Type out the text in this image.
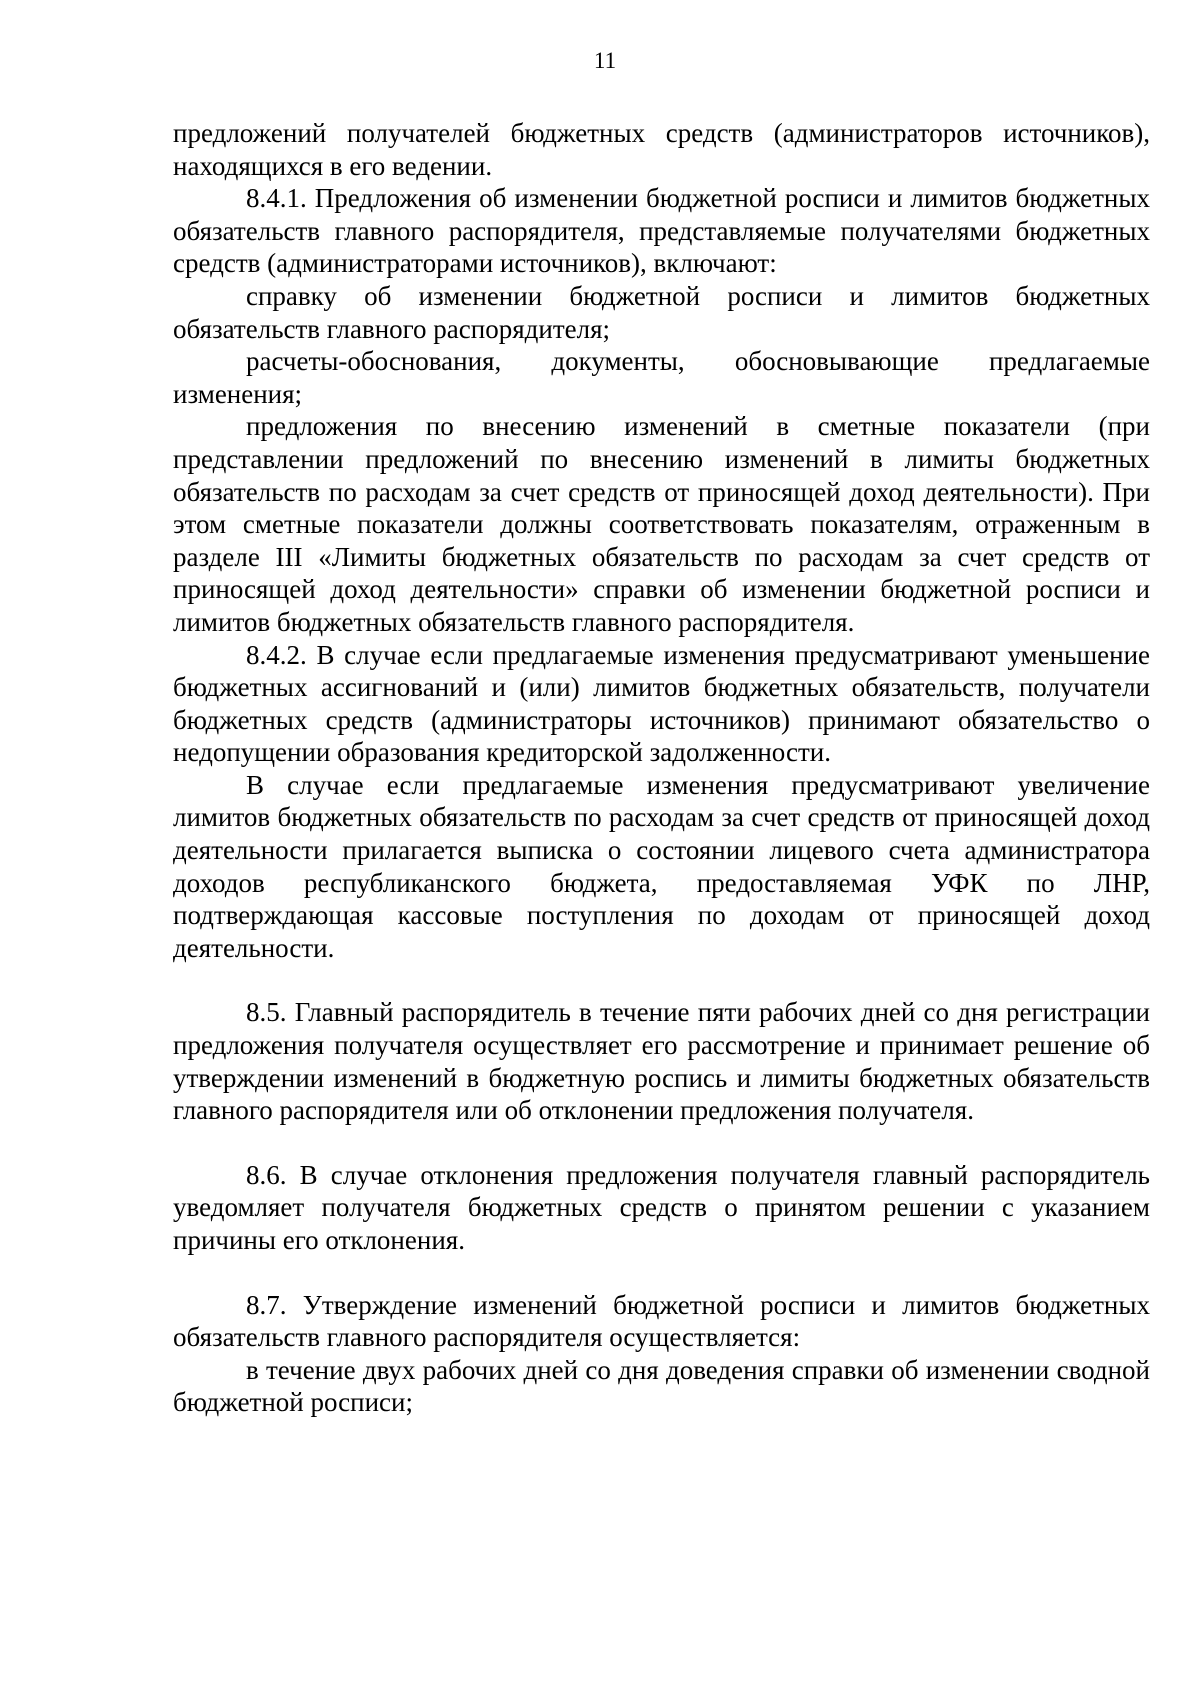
11

предложений получателей бюджетных средств (администраторов источников), находящихся в его ведении.

8.4.1. Предложения об изменении бюджетной росписи и лимитов бюджетных обязательств главного распорядителя, представляемые получателями бюджетных средств (администраторами источников), включают:

справку об изменении бюджетной росписи и лимитов бюджетных обязательств главного распорядителя;

расчеты-обоснования, документы, обосновывающие предлагаемые изменения;

предложения по внесению изменений в сметные показатели (при представлении предложений по внесению изменений в лимиты бюджетных обязательств по расходам за счет средств от приносящей доход деятельности). При этом сметные показатели должны соответствовать показателям, отраженным в разделе III «Лимиты бюджетных обязательств по расходам за счет средств от приносящей доход деятельности» справки об изменении бюджетной росписи и лимитов бюджетных обязательств главного распорядителя.

8.4.2. В случае если предлагаемые изменения предусматривают уменьшение бюджетных ассигнований и (или) лимитов бюджетных обязательств, получатели бюджетных средств (администраторы источников) принимают обязательство о недопущении образования кредиторской задолженности.

В случае если предлагаемые изменения предусматривают увеличение лимитов бюджетных обязательств по расходам за счет средств от приносящей доход деятельности прилагается выписка о состоянии лицевого счета администратора доходов республиканского бюджета, предоставляемая УФК по ЛНР, подтверждающая кассовые поступления по доходам от приносящей доход деятельности.

8.5. Главный распорядитель в течение пяти рабочих дней со дня регистрации предложения получателя осуществляет его рассмотрение и принимает решение об утверждении изменений в бюджетную роспись и лимиты бюджетных обязательств главного распорядителя или об отклонении предложения получателя.

8.6. В случае отклонения предложения получателя главный распорядитель уведомляет получателя бюджетных средств о принятом решении с указанием причины его отклонения.

8.7. Утверждение изменений бюджетной росписи и лимитов бюджетных обязательств главного распорядителя осуществляется:

в течение двух рабочих дней со дня доведения справки об изменении сводной бюджетной росписи;
